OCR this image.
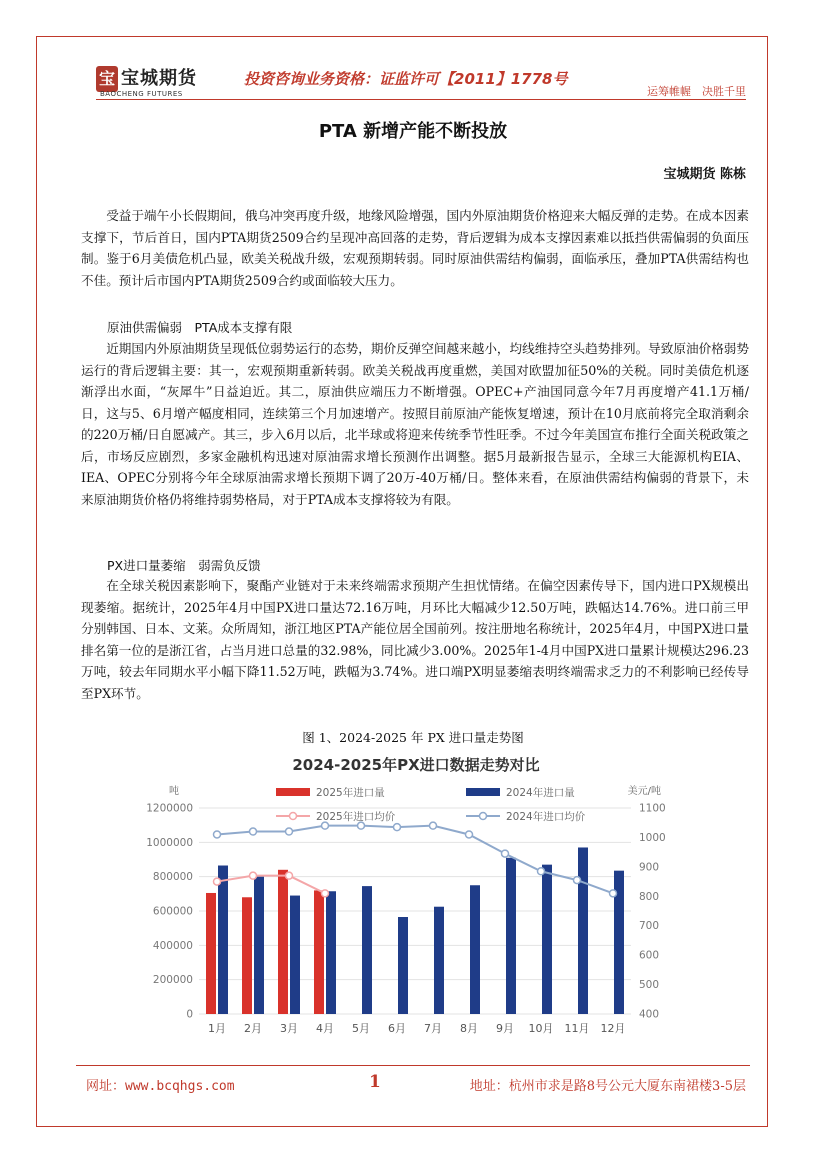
宝 宝城期货
BAOCHENG FUTURES
投资咨询业务资格：证监许可【2011】1778号
运筹帷幄　决胜千里
PTA 新增产能不断投放
宝城期货 陈栋

受益于端午小长假期间，俄乌冲突再度升级，地缘风险增强，国内外原油期货价格迎来大幅反弹的走势。在成本因素支撑下，节后首日，国内PTA期货2509合约呈现冲高回落的走势，背后逻辑为成本支撑因素难以抵挡供需偏弱的负面压制。鉴于6月美债危机凸显，欧美关税战升级，宏观预期转弱。同时原油供需结构偏弱，面临承压，叠加PTA供需结构也不佳。预计后市国内PTA期货2509合约或面临较大压力。

原油供需偏弱　PTA成本支撑有限

近期国内外原油期货呈现低位弱势运行的态势，期价反弹空间越来越小，均线维持空头趋势排列。导致原油价格弱势运行的背后逻辑主要：其一，宏观预期重新转弱。欧美关税战再度重燃，美国对欧盟加征50%的关税。同时美债危机逐渐浮出水面，“灰犀牛”日益迫近。其二，原油供应端压力不断增强。OPEC+产油国同意今年7月再度增产41.1万桶/日，这与5、6月增产幅度相同，连续第三个月加速增产。按照目前原油产能恢复增速，预计在10月底前将完全取消剩余的220万桶/日自愿减产。其三，步入6月以后，北半球或将迎来传统季节性旺季。不过今年美国宣布推行全面关税政策之后，市场反应剧烈，多家金融机构迅速对原油需求增长预测作出调整。据5月最新报告显示，全球三大能源机构EIA、IEA、OPEC分别将今年全球原油需求增长预期下调了20万-40万桶/日。整体来看，在原油供需结构偏弱的背景下，未来原油期货价格仍将维持弱势格局，对于PTA成本支撑将较为有限。

PX进口量萎缩　弱需负反馈

在全球关税因素影响下，聚酯产业链对于未来终端需求预期产生担忧情绪。在偏空因素传导下，国内进口PX规模出现萎缩。据统计，2025年4月中国PX进口量达72.16万吨，月环比大幅减少12.50万吨，跌幅达14.76%。进口前三甲分别韩国、日本、文莱。众所周知，浙江地区PTA产能位居全国前列。按注册地名称统计，2025年4月，中国PX进口量排名第一位的是浙江省，占当月进口总量的32.98%，同比减少3.00%。2025年1-4月中国PX进口量累计规模达296.23万吨，较去年同期水平小幅下降11.52万吨，跌幅为3.74%。进口端PX明显萎缩表明终端需求乏力的不利影响已经传导至PX环节。

图 1、2024-2025 年 PX 进口量走势图
2024-2025年PX进口数据走势对比
吨	美元/吨
0
200000
400000
600000
800000
1000000
1200000
400
500
600
700
800
900
1000
1100
1月 2月 3月 4月 5月 6月 7月 8月 9月 10月 11月 12月
2025年进口量	2024年进口量
2025年进口均价	2024年进口均价
网址：www.bcqhgs.com	1	地址：杭州市求是路8号公元大厦东南裙楼3-5层
